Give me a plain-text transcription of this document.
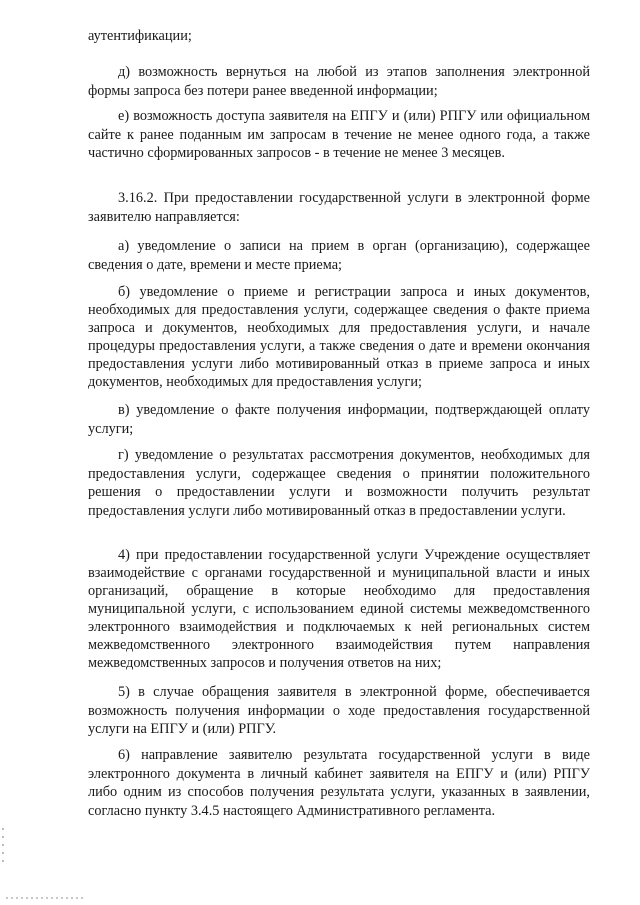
аутентификации;

д) возможность вернуться на любой из этапов заполнения электронной формы запроса без потери ранее введенной информации;

е) возможность доступа заявителя на ЕПГУ и (или) РПГУ или официальном сайте к ранее поданным им запросам в течение не менее одного года, а также частично сформированных запросов - в течение не менее 3 месяцев.

3.16.2. При предоставлении государственной услуги в электронной форме заявителю направляется:

а) уведомление о записи на прием в орган (организацию), содержащее сведения о дате, времени и месте приема;

б) уведомление о приеме и регистрации запроса и иных документов, необходимых для предоставления услуги, содержащее сведения о факте приема запроса и документов, необходимых для предоставления услуги, и начале процедуры предоставления услуги, а также сведения о дате и времени окончания предоставления услуги либо мотивированный отказ в приеме запроса и иных документов, необходимых для предоставления услуги;

в) уведомление о факте получения информации, подтверждающей оплату услуги;

г) уведомление о результатах рассмотрения документов, необходимых для предоставления услуги, содержащее сведения о принятии положительного решения о предоставлении услуги и возможности получить результат предоставления услуги либо мотивированный отказ в предоставлении услуги.

4) при предоставлении государственной услуги Учреждение осуществляет взаимодействие с органами государственной и муниципальной власти и иных организаций, обращение в которые необходимо для предоставления муниципальной услуги, с использованием единой системы межведомственного электронного взаимодействия и подключаемых к ней региональных систем межведомственного электронного взаимодействия путем направления межведомственных запросов и получения ответов на них;

5) в случае обращения заявителя в электронной форме, обеспечивается возможность получения информации о ходе предоставления государственной услуги на ЕПГУ и (или) РПГУ.

6) направление заявителю результата государственной услуги в виде электронного документа в личный кабинет заявителя на ЕПГУ и (или) РПГУ либо одним из способов получения результата услуги, указанных в заявлении, согласно пункту 3.4.5 настоящего Административного регламента.
